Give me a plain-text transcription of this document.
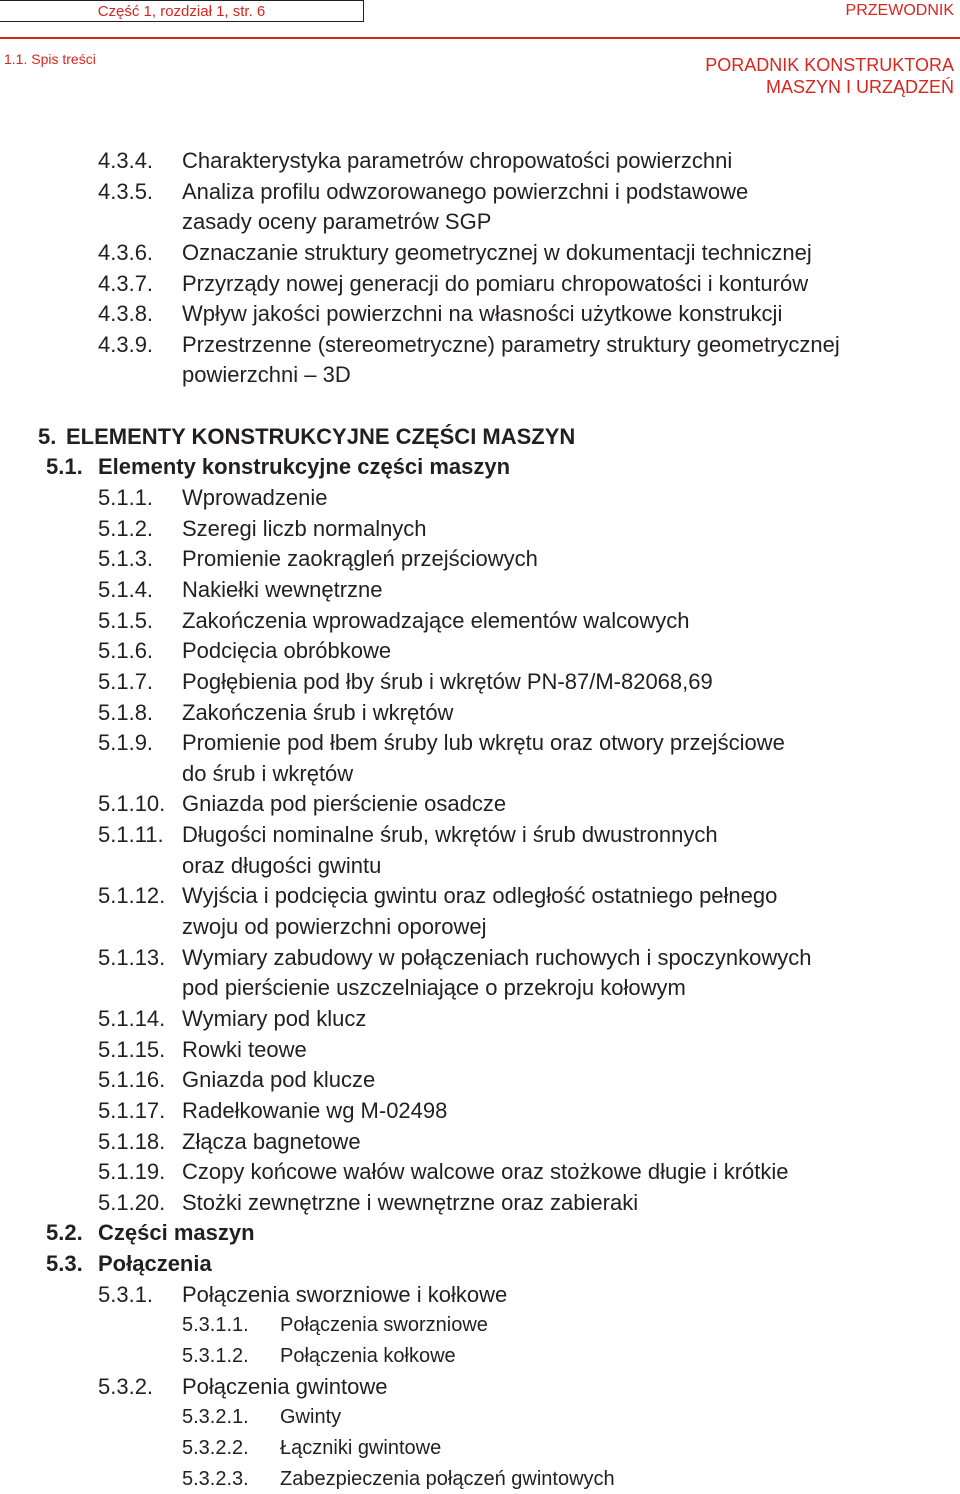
Część 1, rozdział 1, str. 6	PRZEWODNIK
1.1. Spis treści	PORADNIK KONSTRUKTORA
MASZYN I URZĄDZEŃ
4.3.4. Charakterystyka parametrów chropowatości powierzchni
4.3.5. Analiza profilu odwzorowanego powierzchni i podstawowe
zasady oceny parametrów SGP
4.3.6. Oznaczanie struktury geometrycznej w dokumentacji technicznej
4.3.7. Przyrządy nowej generacji do pomiaru chropowatości i konturów
4.3.8. Wpływ jakości powierzchni na własności użytkowe konstrukcji
4.3.9. Przestrzenne (stereometryczne) parametry struktury geometrycznej
powierzchni – 3D
5. ELEMENTY KONSTRUKCYJNE CZĘŚCI MASZYN
5.1. Elementy konstrukcyjne części maszyn
5.1.1. Wprowadzenie
5.1.2. Szeregi liczb normalnych
5.1.3. Promienie zaokrągleń przejściowych
5.1.4. Nakiełki wewnętrzne
5.1.5. Zakończenia wprowadzające elementów walcowych
5.1.6. Podcięcia obróbkowe
5.1.7. Pogłębienia pod łby śrub i wkrętów PN-87/M-82068,69
5.1.8. Zakończenia śrub i wkrętów
5.1.9. Promienie pod łbem śruby lub wkrętu oraz otwory przejściowe
do śrub i wkrętów
5.1.10. Gniazda pod pierścienie osadcze
5.1.11. Długości nominalne śrub, wkrętów i śrub dwustronnych
oraz długości gwintu
5.1.12. Wyjścia i podcięcia gwintu oraz odległość ostatniego pełnego
zwoju od powierzchni oporowej
5.1.13. Wymiary zabudowy w połączeniach ruchowych i spoczynkowych
pod pierścienie uszczelniające o przekroju kołowym
5.1.14. Wymiary pod klucz
5.1.15. Rowki teowe
5.1.16. Gniazda pod klucze
5.1.17. Radełkowanie wg M-02498
5.1.18. Złącza bagnetowe
5.1.19. Czopy końcowe wałów walcowe oraz stożkowe długie i krótkie
5.1.20. Stożki zewnętrzne i wewnętrzne oraz zabieraki
5.2. Części maszyn
5.3. Połączenia
5.3.1. Połączenia sworzniowe i kołkowe
5.3.1.1. Połączenia sworzniowe
5.3.1.2. Połączenia kołkowe
5.3.2. Połączenia gwintowe
5.3.2.1. Gwinty
5.3.2.2. Łączniki gwintowe
5.3.2.3. Zabezpieczenia połączeń gwintowych
